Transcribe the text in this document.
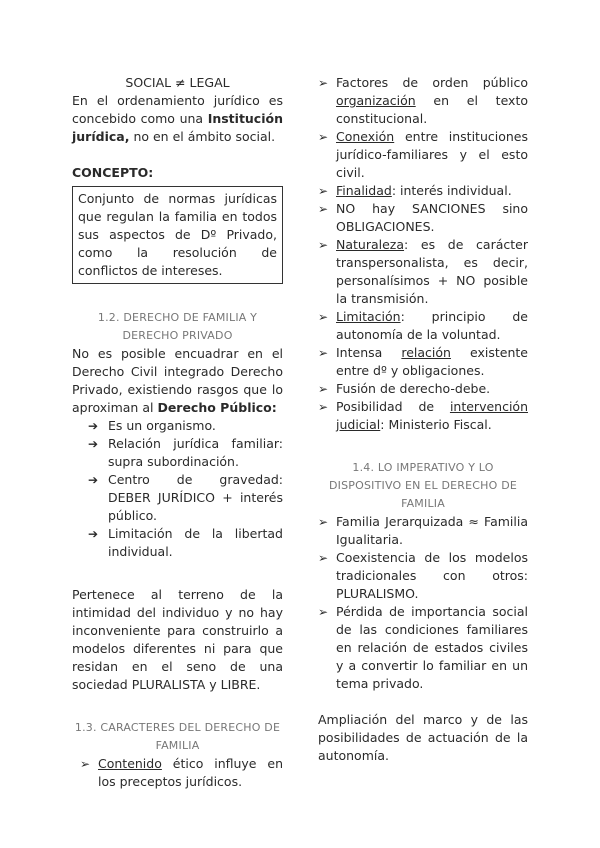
SOCIAL ≠ LEGAL

En el ordenamiento jurídico es concebido como una Institución jurídica, no en el ámbito social.

CONCEPTO:

Conjunto de normas jurídicas que regulan la familia en todos sus aspectos de Dº Privado, como la resolución de conflictos de intereses.

1.2. DERECHO DE FAMILIA Y DERECHO PRIVADO

No es posible encuadrar en el Derecho Civil integrado Derecho Privado, existiendo rasgos que lo aproximan al Derecho Público:

➔ Es un organismo.
➔ Relación jurídica familiar: supra subordinación.
➔ Centro de gravedad: DEBER JURÍDICO + interés público.
➔ Limitación de la libertad individual.

Pertenece al terreno de la intimidad del individuo y no hay inconveniente para construirlo a modelos diferentes ni para que residan en el seno de una sociedad PLURALISTA y LIBRE.

1.3. CARACTERES DEL DERECHO DE FAMILIA

➢ Contenido ético influye en los preceptos jurídicos.
➢ Factores de orden público organización en el texto constitucional.
➢ Conexión entre instituciones jurídico-familiares y el esto civil.
➢ Finalidad: interés individual.
➢ NO hay SANCIONES sino OBLIGACIONES.
➢ Naturaleza: es de carácter transpersonalista, es decir, personalísimos + NO posible la transmisión.
➢ Limitación: principio de autonomía de la voluntad.
➢ Intensa relación existente entre dº y obligaciones.
➢ Fusión de derecho-debe.
➢ Posibilidad de intervención judicial: Ministerio Fiscal.

1.4. LO IMPERATIVO Y LO DISPOSITIVO EN EL DERECHO DE FAMILIA

➢ Familia Jerarquizada ≈ Familia Igualitaria.
➢ Coexistencia de los modelos tradicionales con otros: PLURALISMO.
➢ Pérdida de importancia social de las condiciones familiares en relación de estados civiles y a convertir lo familiar en un tema privado.

Ampliación del marco y de las posibilidades de actuación de la autonomía.
